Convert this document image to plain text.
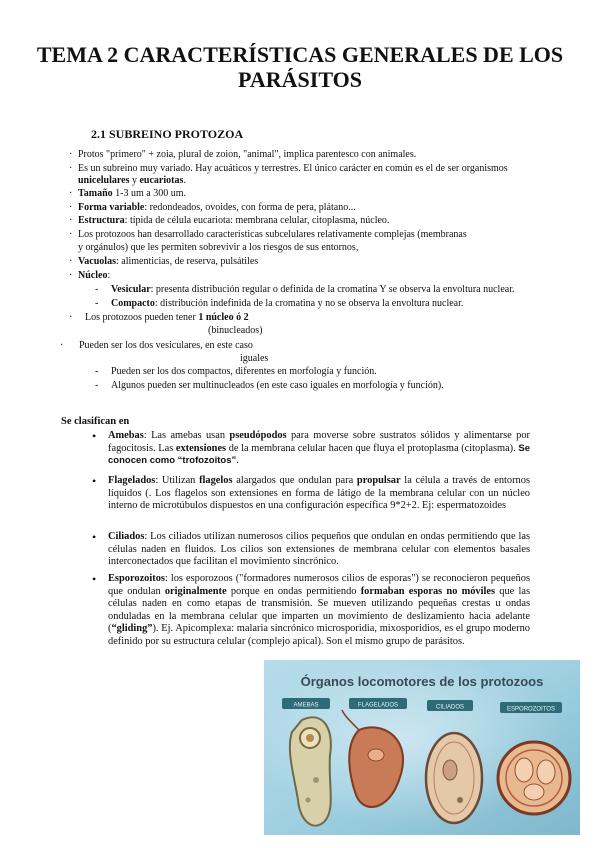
TEMA 2 CARACTERÍSTICAS GENERALES DE LOS PARÁSITOS
2.1 SUBREINO PROTOZOA
· Protos "primero" + zoia, plural de zoion, "animal", implica parentesco con animales.
· Es un subreino muy variado. Hay acuáticos y terrestres. El único carácter en común es el de ser organismos
unicelulares y eucariotas.
· Tamaño 1-3 um a 300 um.
· Forma variable: redondeados, ovoides, con forma de pera, plátano...
· Estructura: típida de célula eucariota: membrana celular, citoplasma, núcleo.
· Los protozoos han desarrollado características subcelulares relativamente complejas (membranas
y orgánulos) que les permiten sobrevivir a los riesgos de sus entornos,
· Vacuolas: alimenticias, de reserva, pulsátiles
· Núcleo:
- Vesicular: presenta distribución regular o definida de la cromatina Y se observa la envoltura nuclear.
- Compacto: distribución indefinida de la cromatina y no se observa la envoltura nuclear.
· Los protozoos pueden tener 1 núcleo ó 2
(binucleados)
· Pueden ser los dos vesiculares, en este caso
iguales
- Pueden ser los dos compactos, diferentes en morfología y función.
- Algunos pueden ser multinucleados (en este caso iguales en morfología y función).
Se clasifican en
• Amebas: Las amebas usan pseudópodos para moverse sobre sustratos sólidos y alimentarse por fagocitosis. Las extensiones de la membrana celular hacen que fluya el protoplasma (citoplasma). Se conocen como “trofozoitos”.
• Flagelados: Utilizan flagelos alargados que ondulan para propulsar la célula a través de entornos líquidos (. Los flagelos son extensiones en forma de látigo de la membrana celular con un núcleo interno de microtúbulos dispuestos en una configuración específica 9*2+2. Ej: espermatozoides
• Ciliados: Los ciliados utilizan numerosos cilios pequeños que ondulan en ondas permitiendo que las células naden en fluidos. Los cilios son extensiones de membrana celular con elementos basales interconectados que facilitan el movimiento sincrónico.
• Esporozoitos: los esporozoos ("formadores numerosos cilios de esporas") se reconocieron pequeños que ondulan originalmente porque en ondas permitiendo formaban esporas no móviles que las células naden en como etapas de transmisión. Se mueven utilizando pequeñas crestas u ondas onduladas en la membrana celular que imparten un movimiento de deslizamiento hacia adelante (“gliding”). Ej. Apicomplexa: malaria sincrónico microsporidia, mixosporidios, es el grupo moderno definido por su estructura celular (complejo apical). Son el mismo grupo de parásitos.
Órganos locomotores de los protozoos
AMEBAS	FLAGELADOS	CILIADOS	ESPOROZOITOS
